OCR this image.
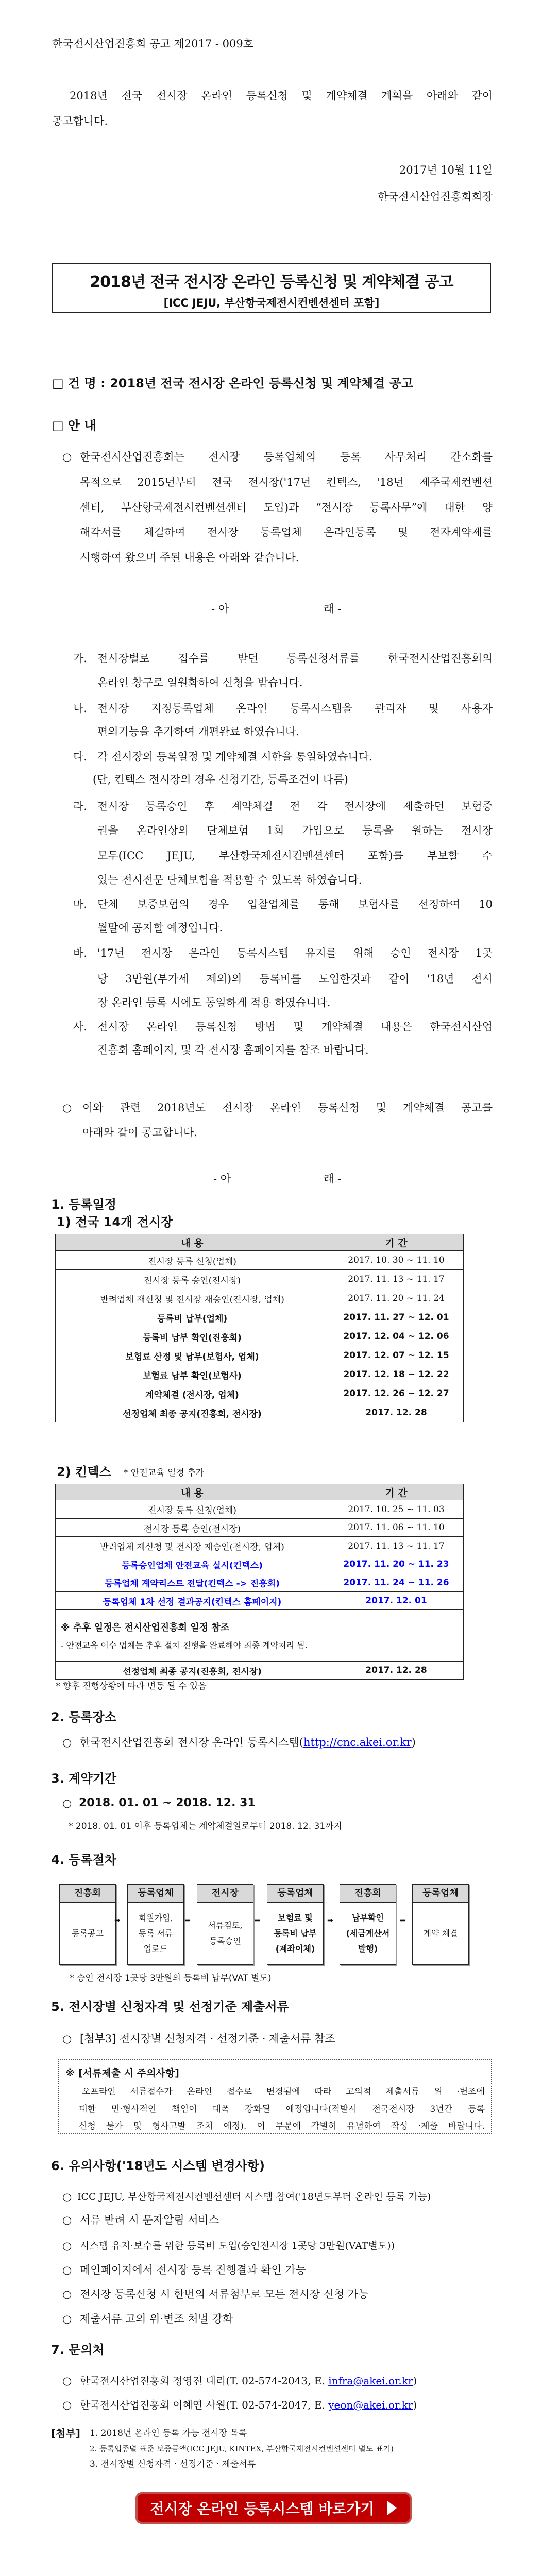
한국전시산업진흥회 공고 제2017 - 009호
2018년 전국 전시장 온라인 등록신청 및 계약체결 계획을 아래와 같이
공고합니다.
2017년 10월 11일
한국전시산업진흥회회장
2018년 전국 전시장 온라인 등록신청 및 계약체결 공고
[ICC JEJU, 부산항국제전시컨벤션센터 포함]
□ 건 명 : 2018년 전국 전시장 온라인 등록신청 및 계약체결 공고
□ 안 내
○ 한국전시산업진흥회는 전시장 등록업체의 등록 사무처리 간소화를
목적으로 2015년부터 전국 전시장('17년 킨텍스, '18년 제주국제컨벤션
센터, 부산항국제전시컨벤션센터 도입)과 “전시장 등록사무”에 대한 양
해각서를 체결하여 전시장 등록업체 온라인등록 및 전자계약제를
시행하여 왔으며 주된 내용은 아래와 같습니다.
- 아	래 -
가. 전시장별로 접수를 받던 등록신청서류를 한국전시산업진흥회의
온라인 창구로 일원화하여 신청을 받습니다.
나. 전시장 지정등록업체 온라인 등록시스템을 관리자 및 사용자
편의기능을 추가하여 개편완료 하였습니다.
다. 각 전시장의 등록일정 및 계약체결 시한을 통일하였습니다.
(단, 킨텍스 전시장의 경우 신청기간, 등록조건이 다름)
라. 전시장 등록승인 후 계약체결 전 각 전시장에 제출하던 보험증
권을 온라인상의 단체보험 1회 가입으로 등록을 원하는 전시장
모두(ICC JEJU, 부산항국제전시컨벤션센터 포함)를 부보할 수
있는 전시전문 단체보험을 적용할 수 있도록 하였습니다.
마. 단체 보증보험의 경우 입찰업체를 통해 보험사를 선정하여 10
월말에 공지할 예정입니다.
바. '17년 전시장 온라인 등록시스템 유지를 위해 승인 전시장 1곳
당 3만원(부가세 제외)의 등록비를 도입한것과 같이 '18년 전시
장 온라인 등록 시에도 동일하게 적용 하였습니다.
사. 전시장 온라인 등록신청 방법 및 계약체결 내용은 한국전시산업
진흥회 홈페이지, 및 각 전시장 홈페이지를 참조 바랍니다.
○ 이와 관련 2018년도 전시장 온라인 등록신청 및 계약체결 공고를
아래와 같이 공고합니다.
- 아	래 -
1. 등록일정
1) 전국 14개 전시장
내 용	기 간
전시장 등록 신청(업체)	2017. 10. 30 ~ 11. 10
전시장 등록 승인(전시장)	2017. 11. 13 ~ 11. 17
반려업체 재신청 및 전시장 재승인(전시장, 업체)	2017. 11. 20 ~ 11. 24
등록비 납부(업체)	2017. 11. 27 ~ 12. 01
등록비 납부 확인(진흥회)	2017. 12. 04 ~ 12. 06
보험료 산정 및 납부(보험사, 업체)	2017. 12. 07 ~ 12. 15
보험료 납부 확인(보험사)	2017. 12. 18 ~ 12. 22
계약체결 (전시장, 업체)	2017. 12. 26 ~ 12. 27
선정업체 최종 공지(진흥회, 전시장)	2017. 12. 28
2) 킨텍스 * 안전교육 일정 추가
내 용	기 간
전시장 등록 신청(업체)	2017. 10. 25 ~ 11. 03
전시장 등록 승인(전시장)	2017. 11. 06 ~ 11. 10
반려업체 재신청 및 전시장 재승인(전시장, 업체)	2017. 11. 13 ~ 11. 17
등록승인업체 안전교육 실시(킨텍스)	2017. 11. 20 ~ 11. 23
등록업체 계약리스트 전달(킨텍스 -> 진흥회)	2017. 11. 24 ~ 11. 26
등록업체 1차 선정 결과공지(킨텍스 홈페이지)	2017. 12. 01

※ 추후 일정은 전시산업진흥회 일정 참조
- 안전교육 이수 업체는 추후 절차 진행을 완료해야 최종 계약처리 됨.	

선정업체 최종 공지(진흥회, 전시장)	2017. 12. 28
* 향후 진행상황에 따라 변동 될 수 있음
2. 등록장소
○ 한국전시산업진흥회 전시장 온라인 등록시스템(http://cnc.akei.or.kr)
3. 계약기간
○ 2018. 01. 01 ~ 2018. 12. 31
* 2018. 01. 01 이후 등록업체는 계약체결일로부터 2018. 12. 31까지
4. 등록절차
진흥회
등록공고
➡
등록업체
회원가입,
등록 서류
업로드
➡
전시장
서류검토,
등록승인
➡
등록업체
보험료 및
등록비 납부
(계좌이체)
➡
진흥회
납부확인
(세금계산서
발행)
➡
등록업체
계약 체결
* 승인 전시장 1곳당 3만원의 등록비 납부(VAT 별도)
5. 전시장별 신청자격 및 선정기준 제출서류
○ [첨부3] 전시장별 신청자격 · 선정기준 · 제출서류 참조
※ [서류제출 시 주의사항]
오프라인 서류접수가 온라인 접수로 변경됨에 따라 고의적 제출서류 위 ·변조에
대한 민·형사적인 책임이 대폭 강화될 예정입니다(적발시 전국전시장 3년간 등록
신청 불가 및 형사고발 조치 예정). 이 부분에 각별히 유념하여 작성 ·제출 바랍니다.
6. 유의사항('18년도 시스템 변경사항)
○ ICC JEJU, 부산항국제전시컨벤션센터 시스템 참여('18년도부터 온라인 등록 가능)
○ 서류 반려 시 문자알림 서비스
○ 시스템 유지·보수를 위한 등록비 도입(승인전시장 1곳당 3만원(VAT별도))
○ 메인페이지에서 전시장 등록 진행결과 확인 가능
○ 전시장 등록신청 시 한번의 서류첨부로 모든 전시장 신청 가능
○ 제출서류 고의 위·변조 처벌 강화
7. 문의처
○ 한국전시산업진흥회 정영진 대리(T. 02-574-2043, E. infra@akei.or.kr)
○ 한국전시산업진흥회 이혜연 사원(T. 02-574-2047, E. yeon@akei.or.kr)
[첨부] 1. 2018년 온라인 등록 가능 전시장 목록
2. 등록업종별 표준 보증금액(ICC JEJU, KINTEX, 부산항국제전시컨벤션센터 별도 표기)
3. 전시장별 신청자격 · 선정기준 · 제출서류
전시장 온라인 등록시스템 바로가기
